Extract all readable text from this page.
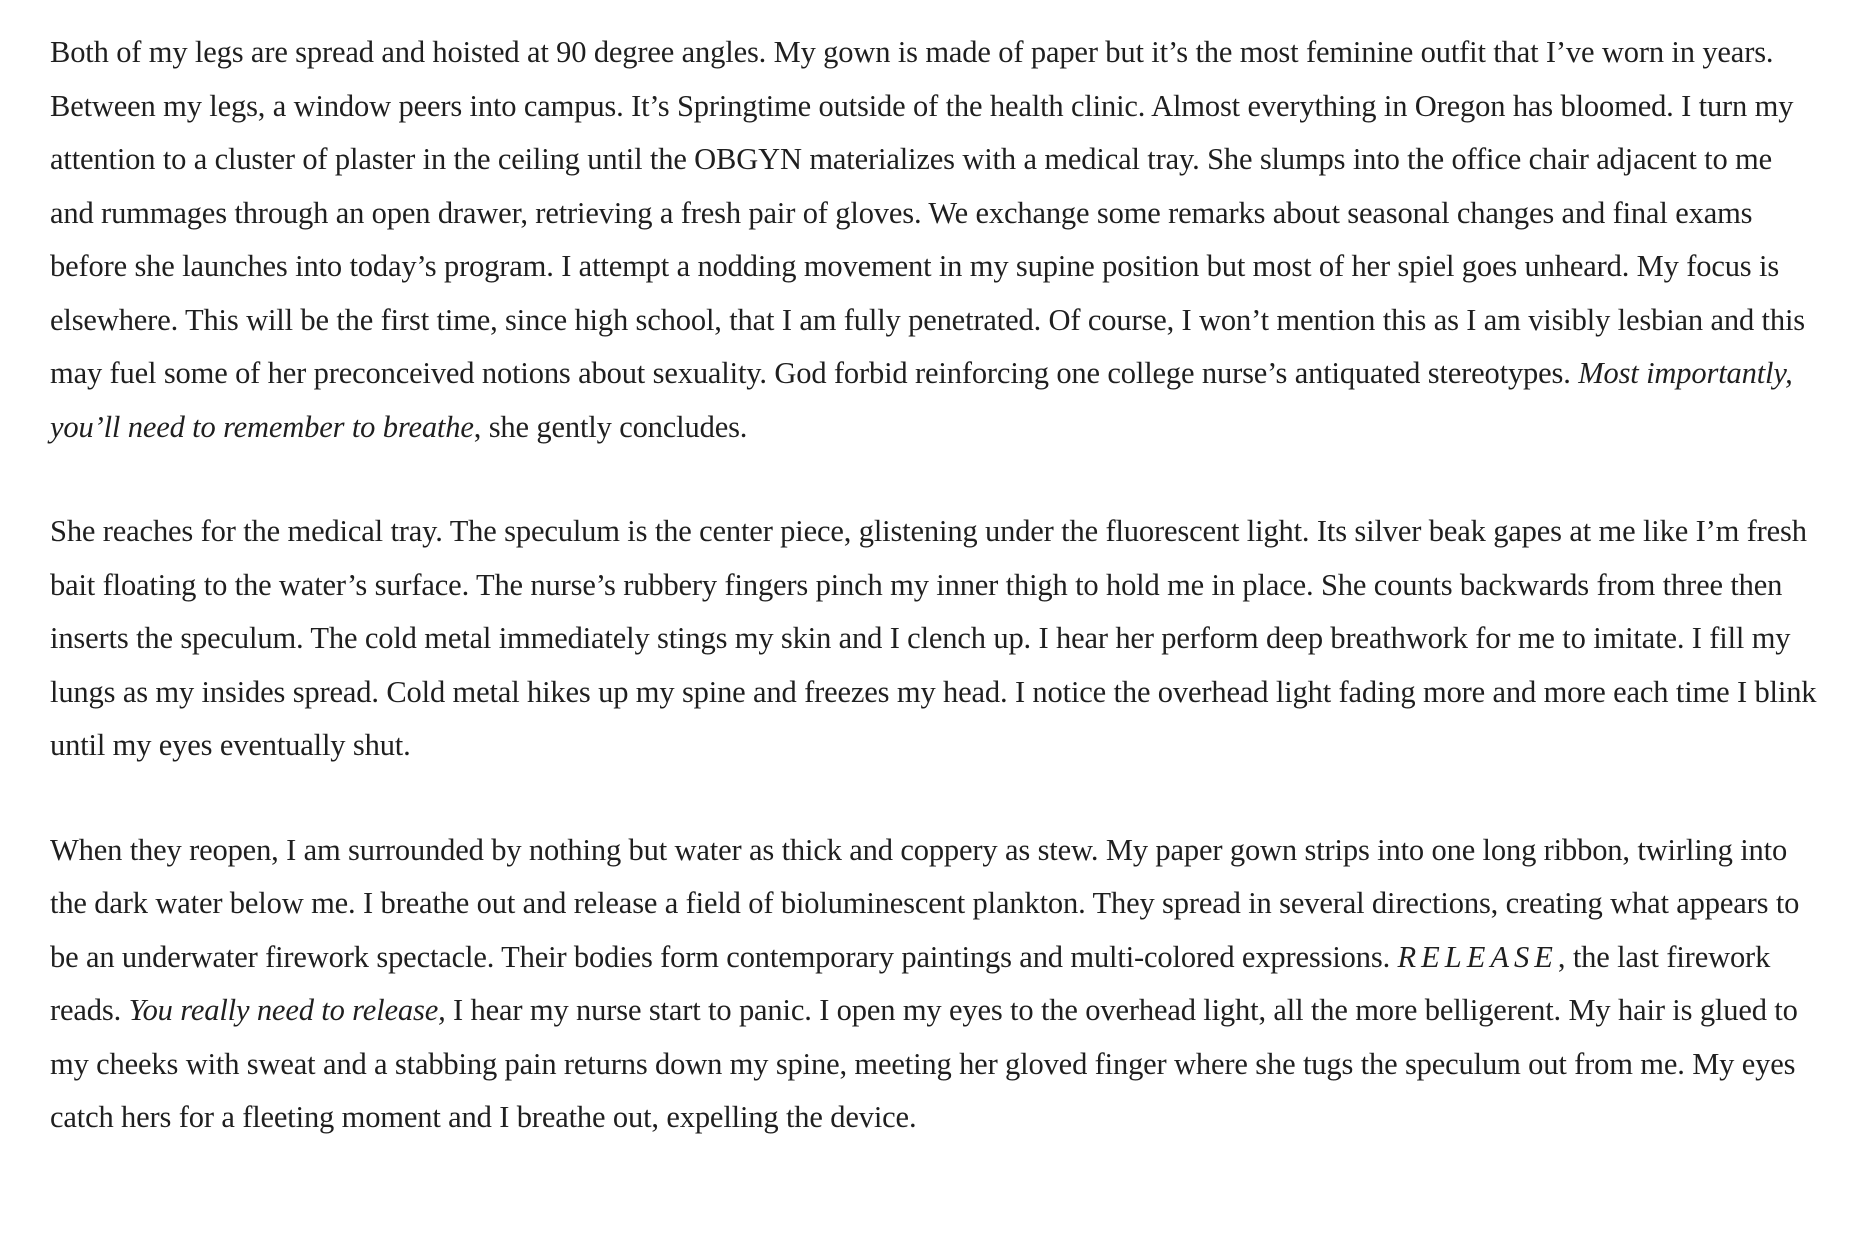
Both of my legs are spread and hoisted at 90 degree angles. My gown is made of paper but it’s the most feminine outfit that I’ve worn in years. Between my legs, a window peers into campus. It’s Springtime outside of the health clinic. Almost everything in Oregon has bloomed. I turn my attention to a cluster of plaster in the ceiling until the OBGYN materializes with a medical tray. She slumps into the office chair adjacent to me and rummages through an open drawer, retrieving a fresh pair of gloves. We exchange some remarks about seasonal changes and final exams before she launches into today’s program. I attempt a nodding movement in my supine position but most of her spiel goes unheard. My focus is elsewhere. This will be the first time, since high school, that I am fully penetrated. Of course, I won’t mention this as I am visibly lesbian and this may fuel some of her preconceived notions about sexuality. God forbid reinforcing one college nurse’s antiquated stereotypes. Most importantly, you’ll need to remember to breathe, she gently concludes.

She reaches for the medical tray. The speculum is the center piece, glistening under the fluorescent light. Its silver beak gapes at me like I’m fresh bait floating to the water’s surface. The nurse’s rubbery fingers pinch my inner thigh to hold me in place. She counts backwards from three then inserts the speculum. The cold metal immediately stings my skin and I clench up. I hear her perform deep breathwork for me to imitate. I fill my lungs as my insides spread. Cold metal hikes up my spine and freezes my head. I notice the overhead light fading more and more each time I blink until my eyes eventually shut.

When they reopen, I am surrounded by nothing but water as thick and coppery as stew. My paper gown strips into one long ribbon, twirling into the dark water below me. I breathe out and release a field of bioluminescent plankton. They spread in several directions, creating what appears to be an underwater firework spectacle. Their bodies form contemporary paintings and multi-colored expressions. RELEASE, the last firework reads. You really need to release, I hear my nurse start to panic. I open my eyes to the overhead light, all the more belligerent. My hair is glued to my cheeks with sweat and a stabbing pain returns down my spine, meeting her gloved finger where she tugs the speculum out from me. My eyes catch hers for a fleeting moment and I breathe out, expelling the device.
